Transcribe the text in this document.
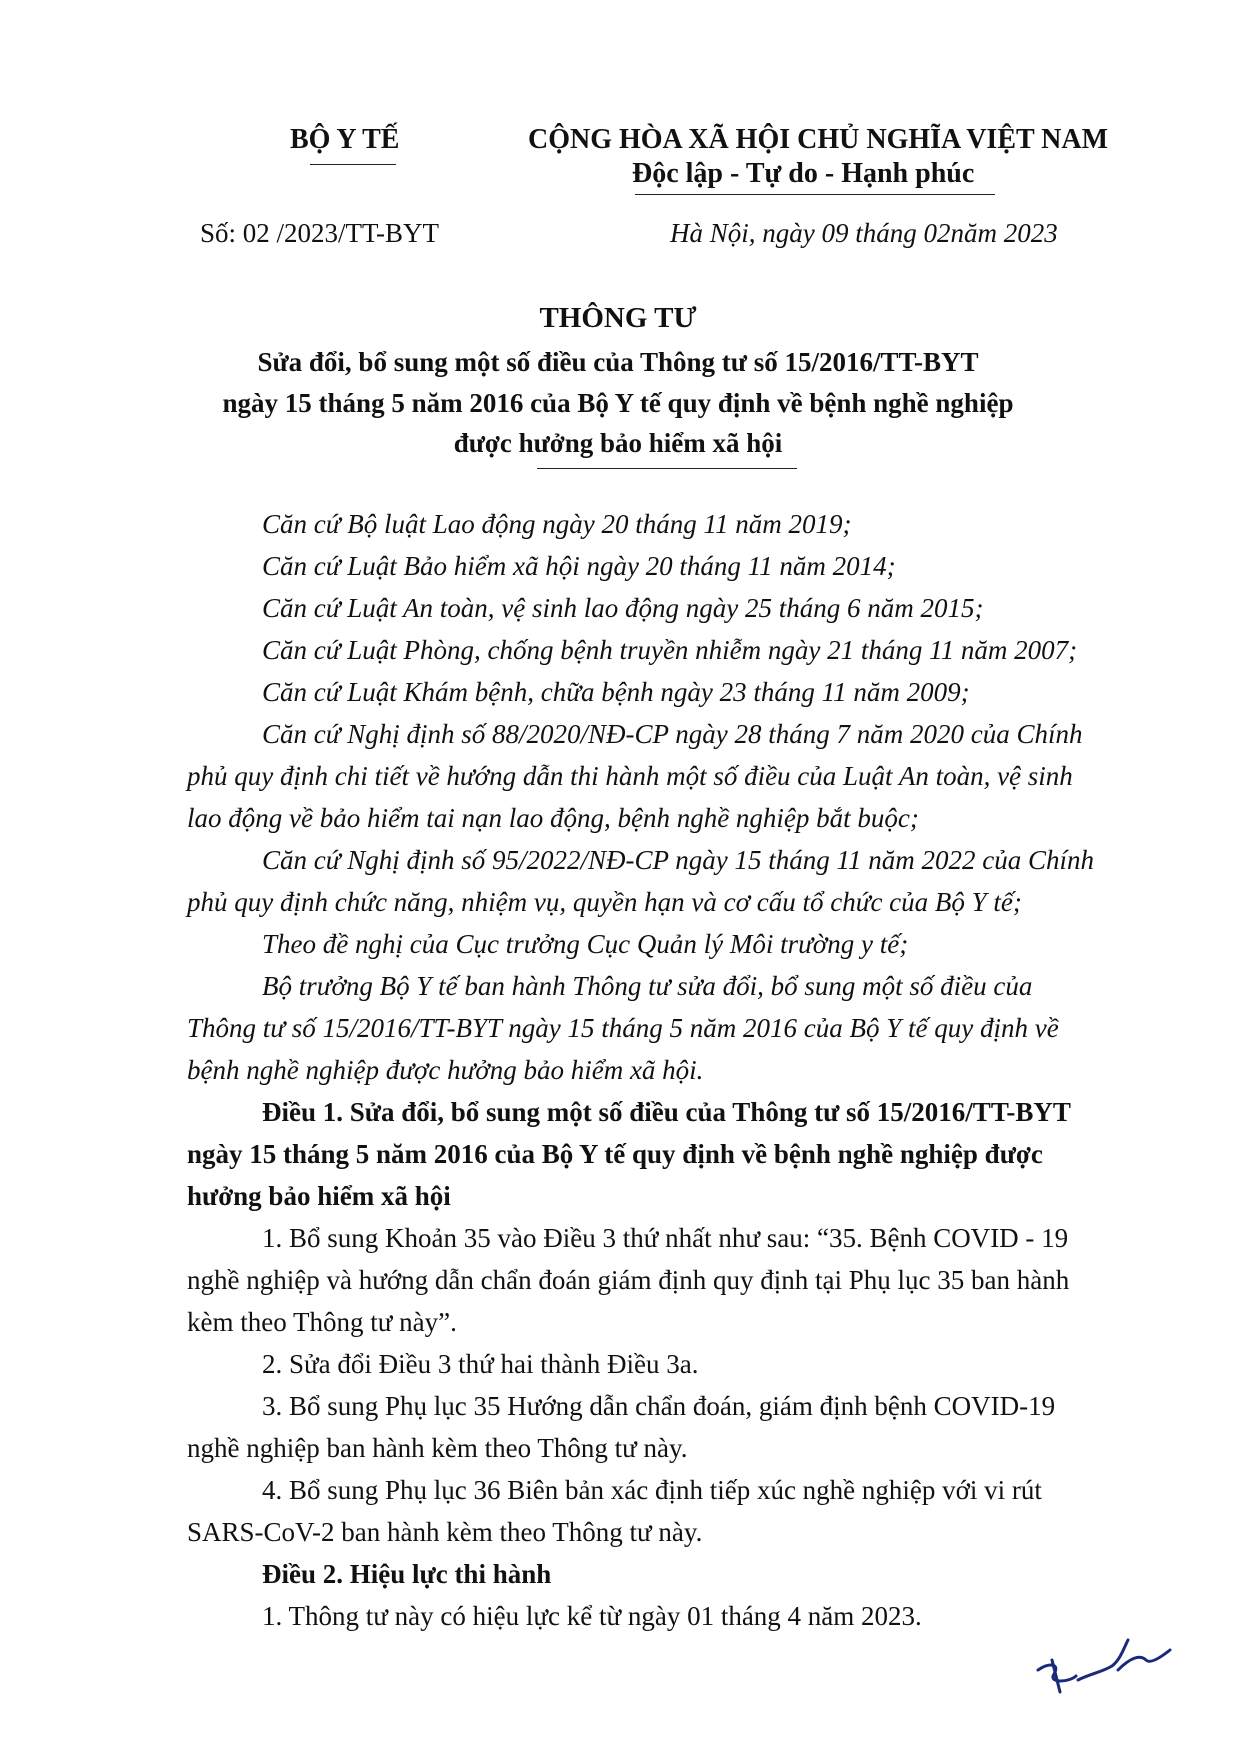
BỘ Y TẾ	CỘNG HÒA XÃ HỘI CHỦ NGHĨA VIỆT NAM
Độc lập - Tự do - Hạnh phúc
Số: 02 /2023/TT-BYT	Hà Nội, ngày 09 tháng 02năm 2023
THÔNG TƯ
Sửa đổi, bổ sung một số điều của Thông tư số 15/2016/TT-BYT
ngày 15 tháng 5 năm 2016 của Bộ Y tế quy định về bệnh nghề nghiệp
được hưởng bảo hiểm xã hội
Căn cứ Bộ luật Lao động ngày 20 tháng 11 năm 2019;
Căn cứ Luật Bảo hiểm xã hội ngày 20 tháng 11 năm 2014;
Căn cứ Luật An toàn, vệ sinh lao động ngày 25 tháng 6 năm 2015;
Căn cứ Luật Phòng, chống bệnh truyền nhiễm ngày 21 tháng 11 năm 2007;
Căn cứ Luật Khám bệnh, chữa bệnh ngày 23 tháng 11 năm 2009;
Căn cứ Nghị định số 88/2020/NĐ-CP ngày 28 tháng 7 năm 2020 của Chính
phủ quy định chi tiết về hướng dẫn thi hành một số điều của Luật An toàn, vệ sinh
lao động về bảo hiểm tai nạn lao động, bệnh nghề nghiệp bắt buộc;
Căn cứ Nghị định số 95/2022/NĐ-CP ngày 15 tháng 11 năm 2022 của Chính
phủ quy định chức năng, nhiệm vụ, quyền hạn và cơ cấu tổ chức của Bộ Y tế;
Theo đề nghị của Cục trưởng Cục Quản lý Môi trường y tế;
Bộ trưởng Bộ Y tế ban hành Thông tư sửa đổi, bổ sung một số điều của
Thông tư số 15/2016/TT-BYT ngày 15 tháng 5 năm 2016 của Bộ Y tế quy định về
bệnh nghề nghiệp được hưởng bảo hiểm xã hội.
Điều 1. Sửa đổi, bổ sung một số điều của Thông tư số 15/2016/TT-BYT
ngày 15 tháng 5 năm 2016 của Bộ Y tế quy định về bệnh nghề nghiệp được
hưởng bảo hiểm xã hội
1. Bổ sung Khoản 35 vào Điều 3 thứ nhất như sau: “35. Bệnh COVID - 19
nghề nghiệp và hướng dẫn chẩn đoán giám định quy định tại Phụ lục 35 ban hành
kèm theo Thông tư này”.
2. Sửa đổi Điều 3 thứ hai thành Điều 3a.
3. Bổ sung Phụ lục 35 Hướng dẫn chẩn đoán, giám định bệnh COVID-19
nghề nghiệp ban hành kèm theo Thông tư này.
4. Bổ sung Phụ lục 36 Biên bản xác định tiếp xúc nghề nghiệp với vi rút
SARS-CoV-2 ban hành kèm theo Thông tư này.
Điều 2. Hiệu lực thi hành
1. Thông tư này có hiệu lực kể từ ngày 01 tháng 4 năm 2023.
